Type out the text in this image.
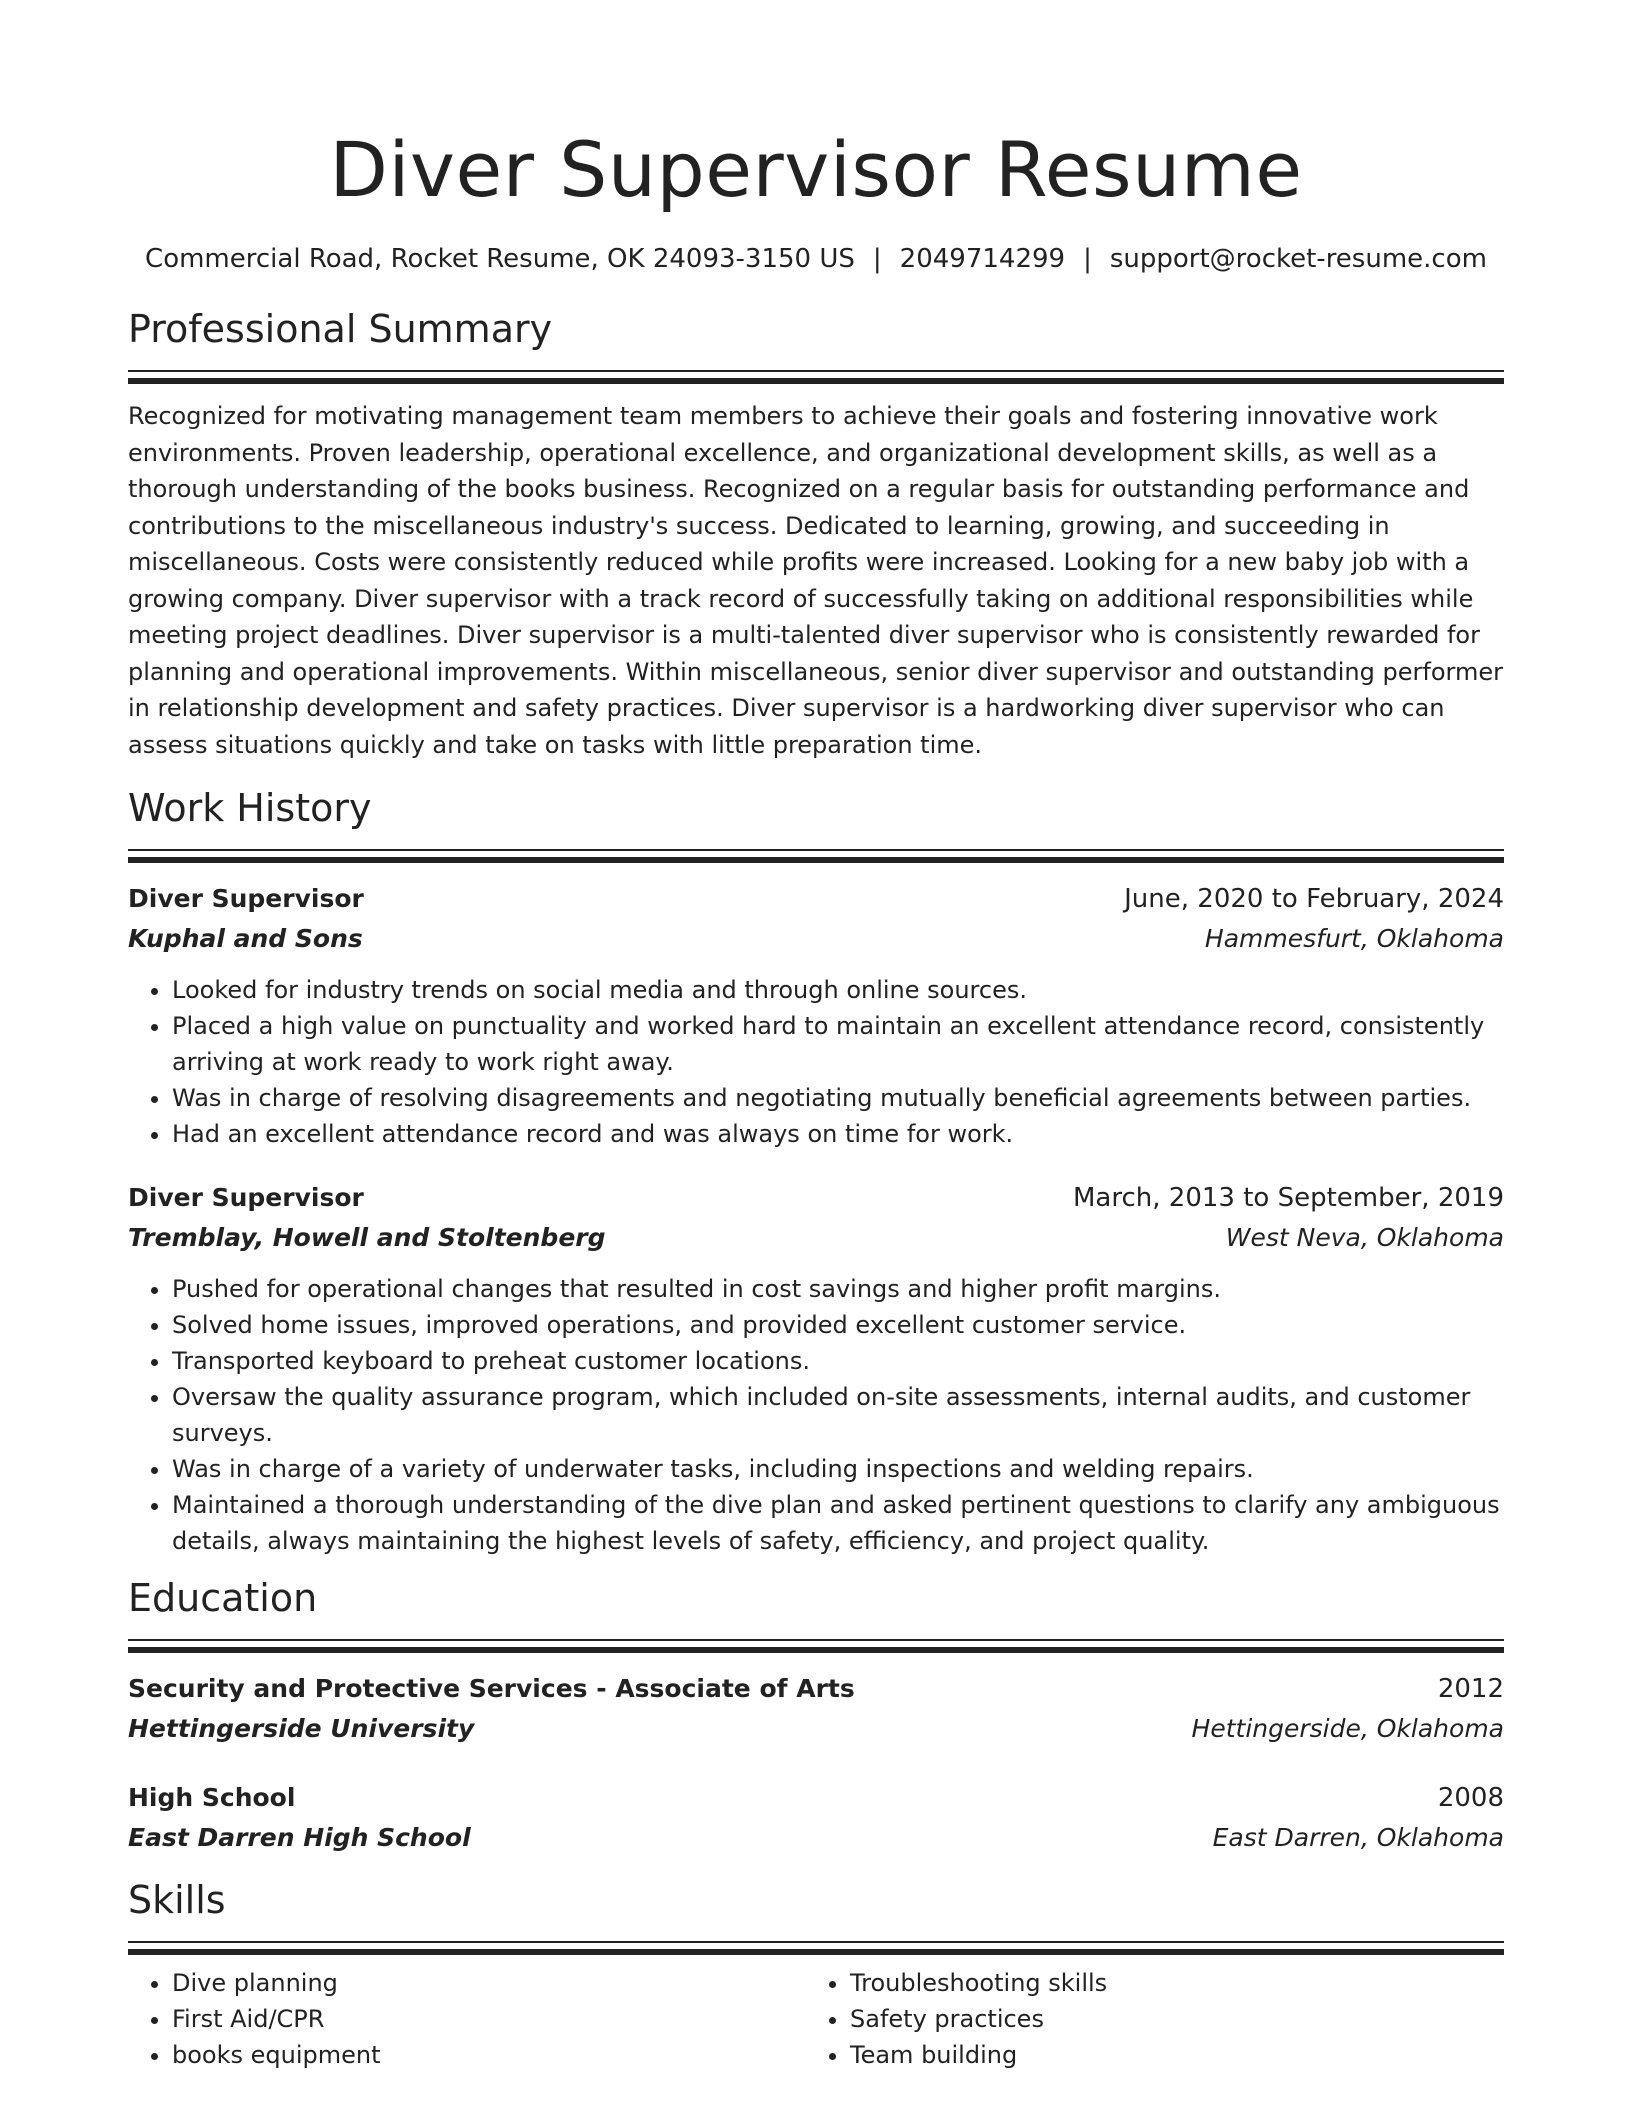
Diver Supervisor Resume
Commercial Road, Rocket Resume, OK 24093-3150 US | 2049714299 | support@rocket-resume.com
Professional Summary
Recognized for motivating management team members to achieve their goals and fostering innovative work environments. Proven leadership, operational excellence, and organizational development skills, as well as a thorough understanding of the books business. Recognized on a regular basis for outstanding performance and contributions to the miscellaneous industry's success. Dedicated to learning, growing, and succeeding in miscellaneous. Costs were consistently reduced while profits were increased. Looking for a new baby job with a growing company. Diver supervisor with a track record of successfully taking on additional responsibilities while meeting project deadlines. Diver supervisor is a multi-talented diver supervisor who is consistently rewarded for planning and operational improvements. Within miscellaneous, senior diver supervisor and outstanding performer in relationship development and safety practices. Diver supervisor is a hardworking diver supervisor who can assess situations quickly and take on tasks with little preparation time.
Work History
Diver Supervisor	June, 2020 to February, 2024
Kuphal and Sons	Hammesfurt, Oklahoma
• Looked for industry trends on social media and through online sources.
• Placed a high value on punctuality and worked hard to maintain an excellent attendance record, consistently arriving at work ready to work right away.
• Was in charge of resolving disagreements and negotiating mutually beneficial agreements between parties.
• Had an excellent attendance record and was always on time for work.
Diver Supervisor	March, 2013 to September, 2019
Tremblay, Howell and Stoltenberg	West Neva, Oklahoma
• Pushed for operational changes that resulted in cost savings and higher profit margins.
• Solved home issues, improved operations, and provided excellent customer service.
• Transported keyboard to preheat customer locations.
• Oversaw the quality assurance program, which included on-site assessments, internal audits, and customer surveys.
• Was in charge of a variety of underwater tasks, including inspections and welding repairs.
• Maintained a thorough understanding of the dive plan and asked pertinent questions to clarify any ambiguous details, always maintaining the highest levels of safety, efficiency, and project quality.
Education
Security and Protective Services - Associate of Arts	2012
Hettingerside University	Hettingerside, Oklahoma
High School	2008
East Darren High School	East Darren, Oklahoma
Skills
• Dive planning
• First Aid/CPR
• books equipment
• Troubleshooting skills
• Safety practices
• Team building
